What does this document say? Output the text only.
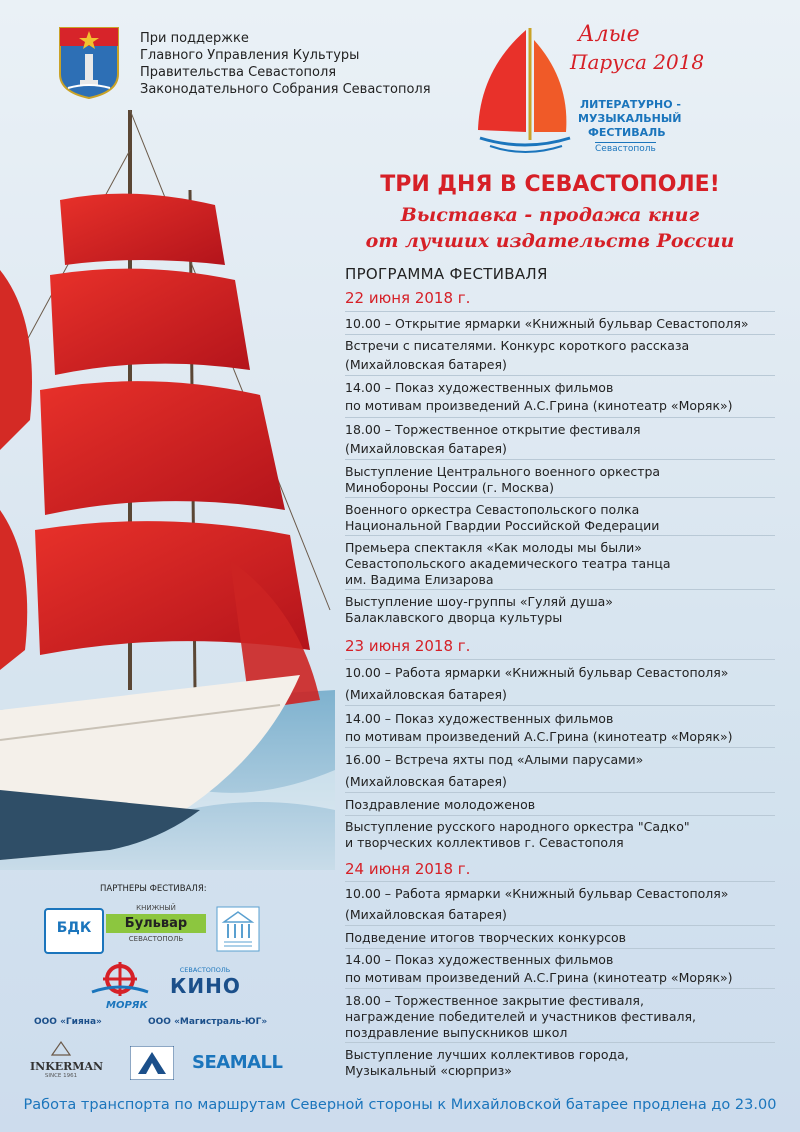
При поддержке
Главного Управления Культуры
Правительства Севастополя
Законодательного Собрания Севастополя
Алые
Паруса 2018
ЛИТЕРАТУРНО -
МУЗЫКАЛЬНЫЙ
ФЕСТИВАЛЬ
Севастополь
ТРИ ДНЯ В СЕВАСТОПОЛЕ!
Выставка - продажа книг
от лучших издательств России
ПРОГРАММА ФЕСТИВАЛЯ
22 июня 2018 г.
10.00 – Открытие ярмарки «Книжный бульвар Севастополя»
Встречи с писателями. Конкурс короткого рассказа
(Михайловская батарея)
14.00 – Показ художественных фильмов
по мотивам произведений А.С.Грина (кинотеатр «Моряк»)
18.00 – Торжественное открытие фестиваля
(Михайловская батарея)
Выступление Центрального военного оркестра
Минобороны России (г. Москва)
Военного оркестра Севастопольского полка
Национальной Гвардии Российской Федерации
Премьера спектакля «Как молоды мы были»
Севастопольского академического театра танца
им. Вадима Елизарова
Выступление шоу-группы «Гуляй душа»
Балаклавского дворца культуры
23 июня 2018 г.
10.00 – Работа ярмарки «Книжный бульвар Севастополя»
(Михайловская батарея)
14.00 – Показ художественных фильмов
по мотивам произведений А.С.Грина (кинотеатр «Моряк»)
16.00 – Встреча яхты под «Алыми парусами»
(Михайловская батарея)
Поздравление молодоженов
Выступление русского народного оркестра "Садко"
и творческих коллективов г. Севастополя
24 июня 2018 г.
10.00 – Работа ярмарки «Книжный бульвар Севастополя»
(Михайловская батарея)
Подведение итогов творческих конкурсов
14.00 – Показ художественных фильмов
по мотивам произведений А.С.Грина (кинотеатр «Моряк»)
18.00 – Торжественное закрытие фестиваля,
награждение победителей и участников фестиваля,
поздравление выпускников школ
Выступление лучших коллективов города,
Музыкальный «сюрприз»
ПАРТНЕРЫ ФЕСТИВАЛЯ:
БДК
КНИЖНЫЙ
Бульвар
СЕВАСТОПОЛЬ
МОРЯК
СЕВАСТОПОЛЬ
КИНО
ООО «Гияна»	ООО «Магистраль-ЮГ»
INKERMAN
SINCE 1961
SEAMALL
Работа транспорта по маршрутам Северной стороны к Михайловской батарее продлена до 23.00
